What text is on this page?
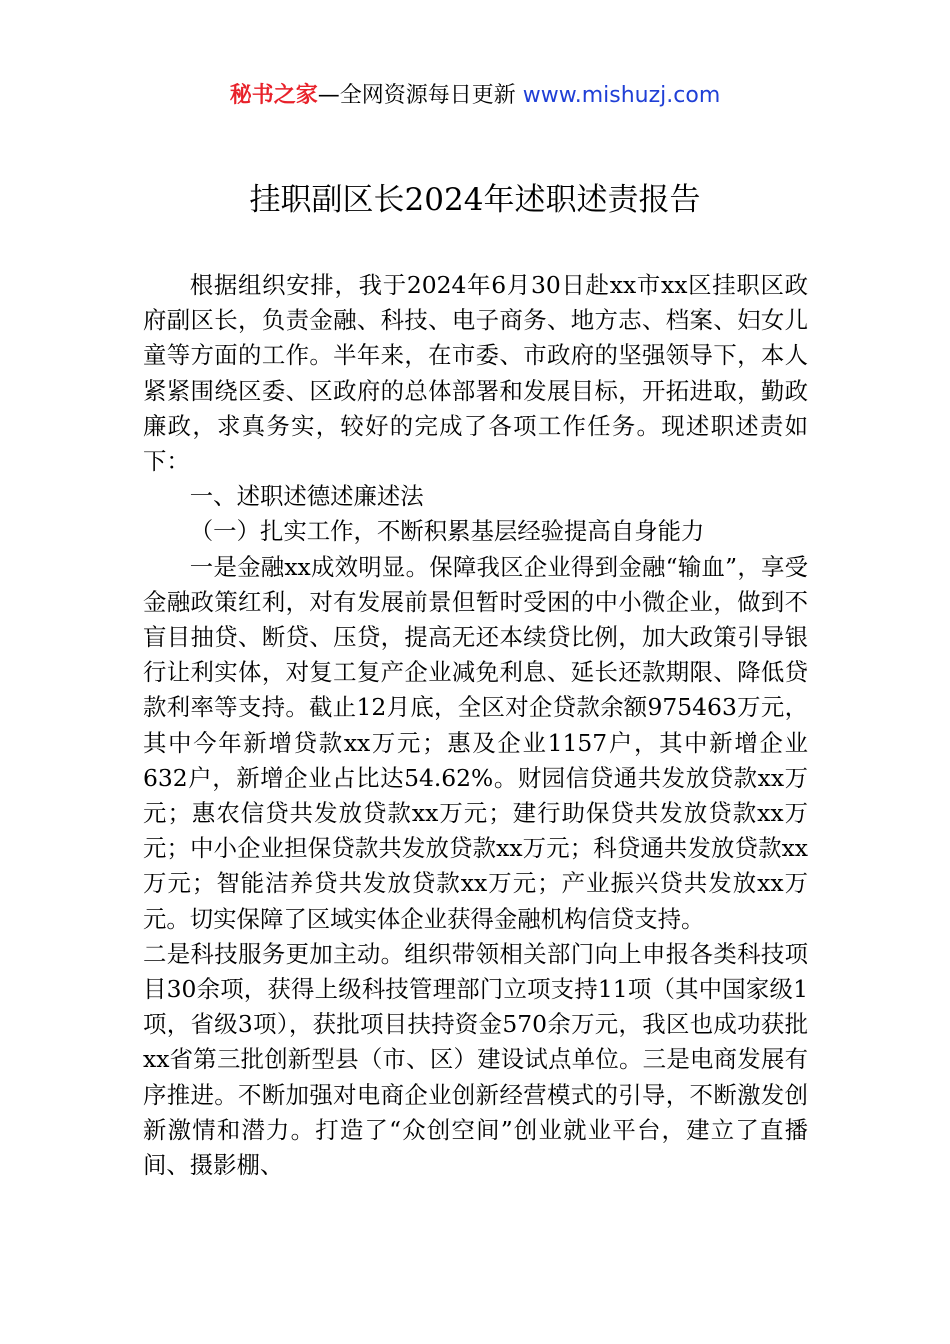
秘书之家—全网资源每日更新 www.mishuzj.com
挂职副区长2024年述职述责报告

根据组织安排，我于2024年6月30日赴xx市xx区挂职区政府副区长，负责金融、科技、电子商务、地方志、档案、妇女儿童等方面的工作。半年来，在市委、市政府的坚强领导下，本人紧紧围绕区委、区政府的总体部署和发展目标，开拓进取，勤政廉政，求真务实，较好的完成了各项工作任务。现述职述责如下：

一、述职述德述廉述法

（一）扎实工作，不断积累基层经验提高自身能力

一是金融xx成效明显。保障我区企业得到金融“输血”，享受金融政策红利，对有发展前景但暂时受困的中小微企业，做到不盲目抽贷、断贷、压贷，提高无还本续贷比例，加大政策引导银行让利实体，对复工复产企业减免利息、延长还款期限、降低贷款利率等支持。截止12月底，全区对企贷款余额975463万元，其中今年新增贷款xx万元；惠及企业1157户，其中新增企业632户，新增企业占比达54.62%。财园信贷通共发放贷款xx万元；惠农信贷共发放贷款xx万元；建行助保贷共发放贷款xx万元；中小企业担保贷款共发放贷款xx万元；科贷通共发放贷款xx万元；智能洁养贷共发放贷款xx万元；产业振兴贷共发放xx万元。切实保障了区域实体企业获得金融机构信贷支持。

二是科技服务更加主动。组织带领相关部门向上申报各类科技项目30余项，获得上级科技管理部门立项支持11项（其中国家级1项，省级3项），获批项目扶持资金570余万元，我区也成功获批xx省第三批创新型县（市、区）建设试点单位。三是电商发展有序推进。不断加强对电商企业创新经营模式的引导，不断激发创新激情和潜力。打造了“众创空间”创业就业平台，建立了直播间、摄影棚、
